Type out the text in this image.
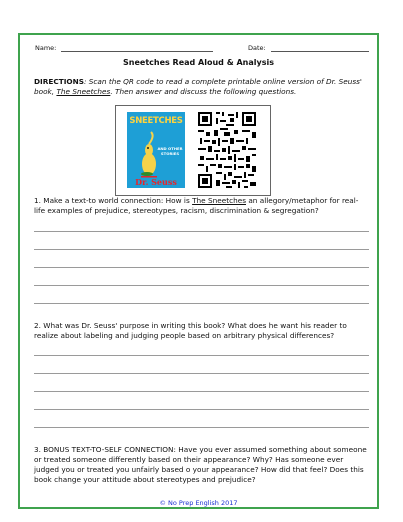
Name:	Date:
Sneetches Read Aloud & Analysis
DIRECTIONS: Scan the QR code to read a complete printable online version of Dr. Seuss' book, The Sneetches. Then answer and discuss the following questions.
SNEETCHES
AND OTHER STORIES
Dr. Seuss
1. Make a text-to world connection: How is The Sneetches an allegory/metaphor for real-life examples of prejudice, stereotypes, racism, discrimination & segregation?
2. What was Dr. Seuss' purpose in writing this book? What does he want his reader to realize about labeling and judging people based on arbitrary physical differences?
3. BONUS TEXT-TO-SELF CONNECTION: Have you ever assumed something about someone or treated someone differently based on their appearance? Why? Has someone ever judged you or treated you unfairly based o your appearance? How did that feel? Does this book change your attitude about stereotypes and prejudice?
© No Prep English 2017
